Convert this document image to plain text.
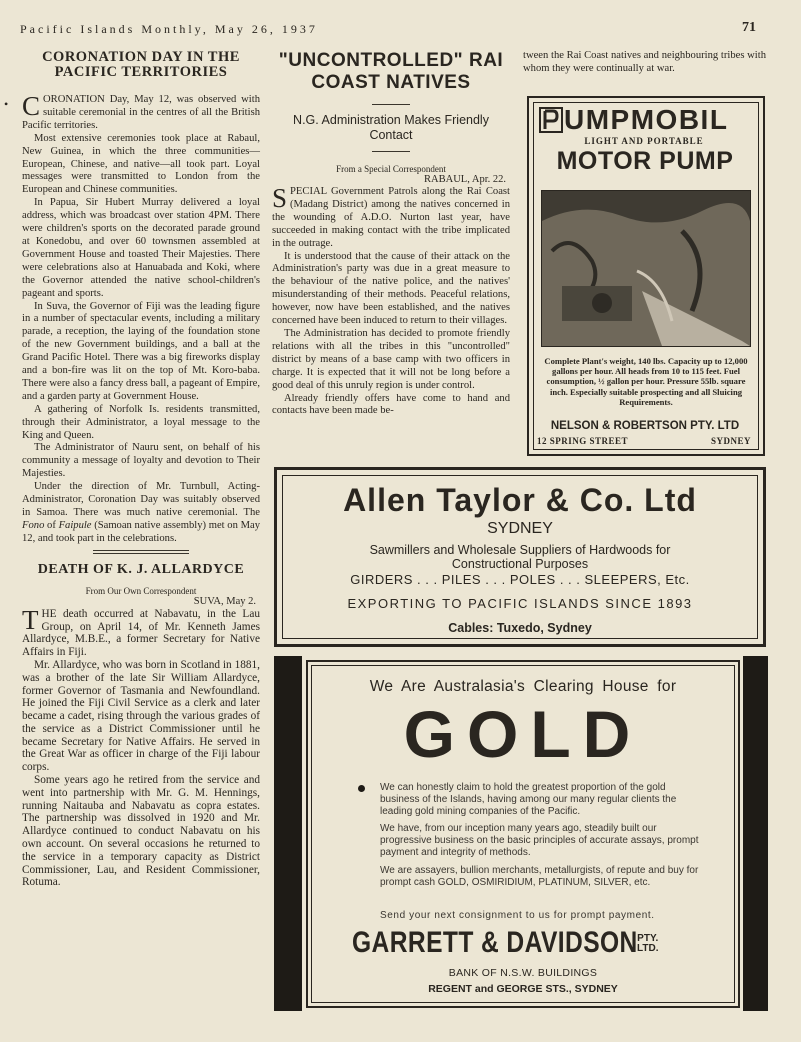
Pacific Islands Monthly, May 26, 1937	71
•
CORONATION DAY IN THE PACIFIC TERRITORIES

CORONATION Day, May 12, was observed with suitable ceremonial in the centres of all the British Pacific territories.

Most extensive ceremonies took place at Rabaul, New Guinea, in which the three communities—European, Chinese, and native—all took part. Loyal messages were transmitted to London from the European and Chinese communities.

In Papua, Sir Hubert Murray delivered a loyal address, which was broadcast over station 4PM. There were children's sports on the decorated parade ground at Konedobu, and over 60 townsmen assembled at Government House and toasted Their Majesties. There were celebrations also at Hanuabada and Koki, where the Governor attended the native school-children's pageant and sports.

In Suva, the Governor of Fiji was the leading figure in a number of spectacular events, including a military parade, a reception, the laying of the foundation stone of the new Government buildings, and a ball at the Grand Pacific Hotel. There was a big fireworks display and a bon-fire was lit on the top of Mt. Koro-baba. There were also a fancy dress ball, a pageant of Empire, and a garden party at Government House.

A gathering of Norfolk Is. residents transmitted, through their Administrator, a loyal message to the King and Queen.

The Administrator of Nauru sent, on behalf of his community a message of loyalty and devotion to Their Majesties.

Under the direction of Mr. Turnbull, Acting-Administrator, Coronation Day was suitably observed in Samoa. There was much native ceremonial. The Fono of Faipule (Samoan native assembly) met on May 12, and took part in the celebrations.

DEATH OF K. J. ALLARDYCE

From Our Own Correspondent

SUVA, May 2.

THE death occurred at Nabavatu, in the Lau Group, on April 14, of Mr. Kenneth James Allardyce, M.B.E., a former Secretary for Native Affairs in Fiji.

Mr. Allardyce, who was born in Scotland in 1881, was a brother of the late Sir William Allardyce, former Governor of Tasmania and Newfoundland. He joined the Fiji Civil Service as a clerk and later became a cadet, rising through the various grades of the service as a District Commissioner until he became Secretary for Native Affairs. He served in the Great War as officer in charge of the Fiji labour corps.

Some years ago he retired from the service and went into partnership with Mr. G. M. Hennings, running Naitauba and Nabavatu as copra estates. The partnership was dissolved in 1920 and Mr. Allardyce continued to conduct Nabavatu on his own account. On several occasions he returned to the service in a temporary capacity as District Commissioner, Lau, and Resident Commissioner, Rotuma.

"UNCONTROLLED" RAI COAST NATIVES

N.G. Administration Makes Friendly Contact

From a Special Correspondent

RABAUL, Apr. 22.

SPECIAL Government Patrols along the Rai Coast (Madang District) among the natives concerned in the wounding of A.D.O. Nurton last year, have succeeded in making contact with the tribe implicated in the outrage.

It is understood that the cause of their attack on the Administration's party was due in a great measure to the behaviour of the native police, and the natives' misunderstanding of their methods. Peaceful relations, however, now have been established, and the natives concerned have been induced to return to their villages.

The Administration has decided to promote friendly relations with all the tribes in this "uncontrolled" district by means of a base camp with two officers in charge. It is expected that it will not be long before a good deal of this unruly region is under control.

Already friendly offers have come to hand and contacts have been made be-

tween the Rai Coast natives and neighbouring tribes with whom they were continually at war.
UMPMOBIL
LIGHT AND PORTABLE
MOTOR PUMP
Complete Plant's weight, 140 lbs. Capacity up to 12,000 gallons per hour. All heads from 10 to 115 feet. Fuel consumption, ½ gallon per hour. Pressure 55lb. square inch. Especially suitable prospecting and all Sluicing Requirements.
NELSON & ROBERTSON PTY. LTD
12 SPRING STREET	SYDNEY
Allen Taylor & Co. Ltd
SYDNEY
Sawmillers and Wholesale Suppliers of Hardwoods for Constructional Purposes
GIRDERS . . . PILES . . . POLES . . . SLEEPERS, Etc.
EXPORTING TO PACIFIC ISLANDS SINCE 1893
Cables: Tuxedo, Sydney
We Are Australasia's Clearing House for
GOLD

We can honestly claim to hold the greatest proportion of the gold business of the Islands, having among our many regular clients the leading gold mining companies of the Pacific.

We have, from our inception many years ago, steadily built our progressive business on the basic principles of accurate assays, prompt payment and integrity of methods.

We are assayers, bullion merchants, metallurgists, of repute and buy for prompt cash GOLD, OSMIRIDIUM, PLATINUM, SILVER, etc.

Send your next consignment to us for prompt payment.
GARRETT & DAVIDSON PTY.
LTD.
BANK OF N.S.W. BUILDINGS
REGENT and GEORGE STS., SYDNEY
